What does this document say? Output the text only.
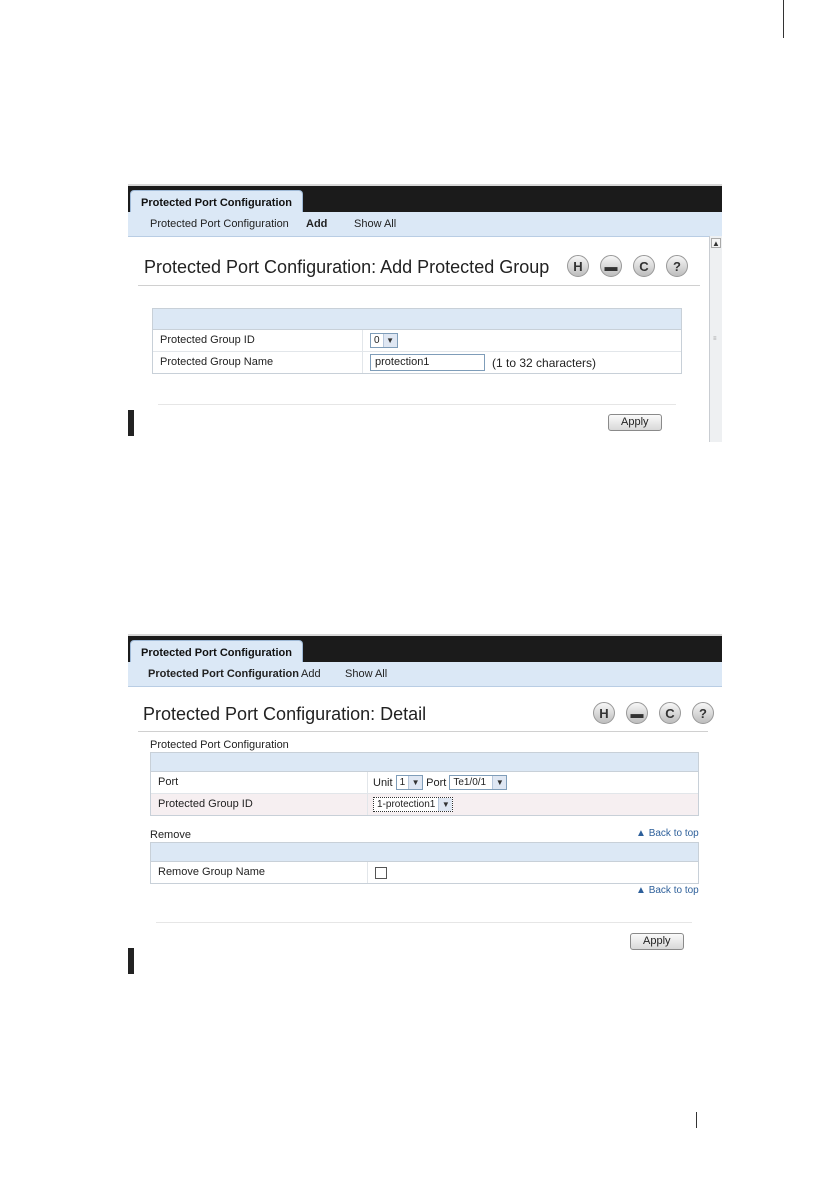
Protected Port Configuration
Protected Port Configuration Add Show All
Protected Port Configuration: Add Protected Group	H	▬	C	?
Protected Group ID	0 ▼
Protected Group Name	protection1	(1 to 32 characters)
Apply
▲
≡
Protected Port Configuration
Protected Port Configuration Add Show All
Protected Port Configuration: Detail	H	▬	C	?
Protected Port Configuration
Port	Unit 1 ▼ Port Te1/0/1	▼
Protected Group ID	1-protection1 ▼
Remove	▲ Back to top
Remove Group Name
▲ Back to top
Apply
